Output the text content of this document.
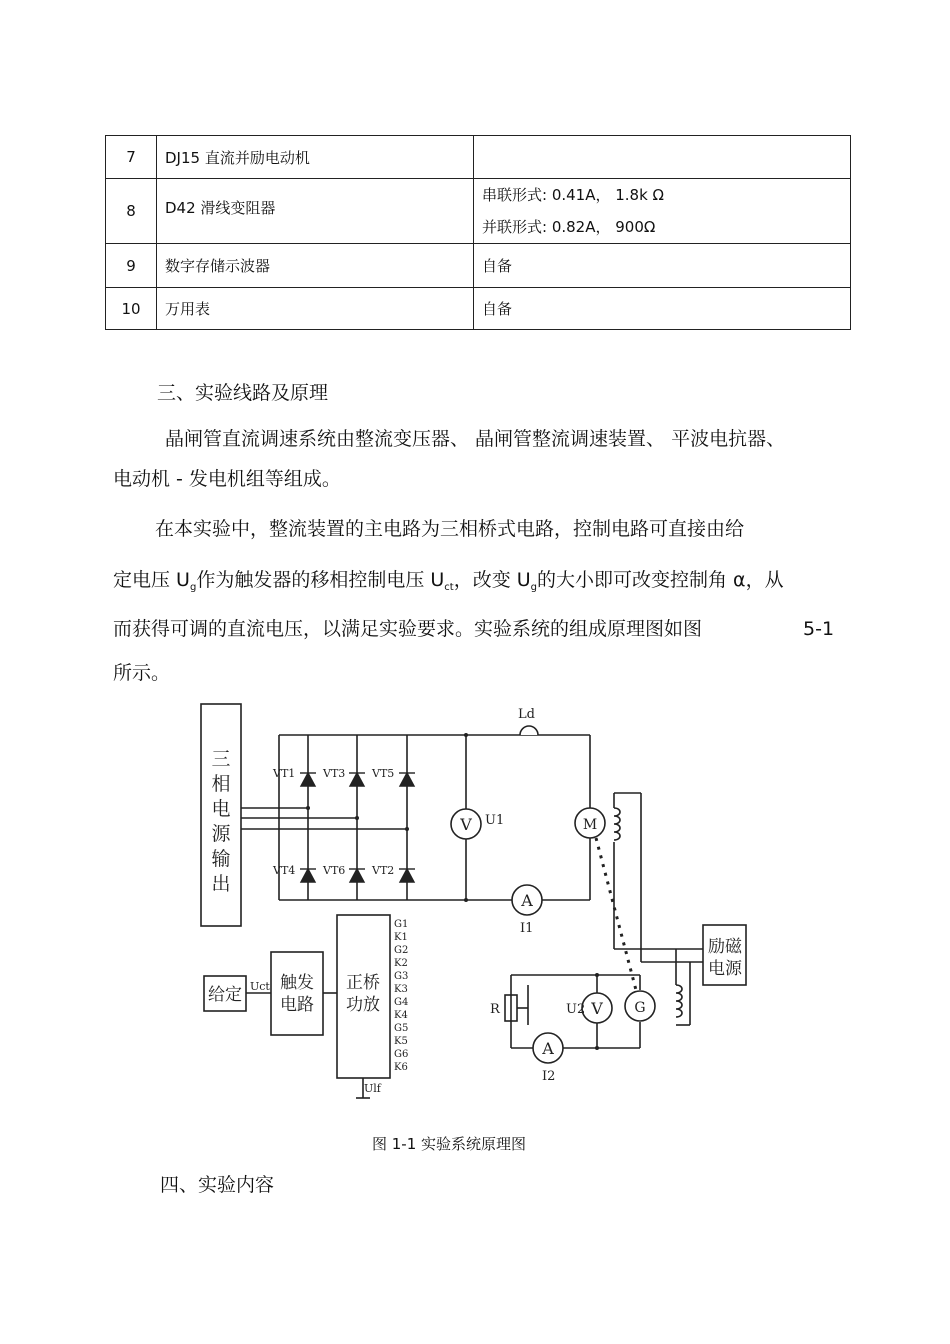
7	DJ15 直流并励电动机	
8	D42 滑线变阻器	串联形式: 0.41A， 1.8k Ω
并联形式: 0.82A， 900Ω

9	数字存储示波器	自备
10	万用表	自备
三、实验线路及原理
晶闸管直流调速系统由整流变压器、 晶闸管整流调速装置、 平波电抗器、
电动机 - 发电机组等组成。
在本实验中，整流装置的主电路为三相桥式电路，控制电路可直接由给
定电压 $U_g$作为触发器的移相控制电压 $U_{ct}$，改变 $U_g$的大小即可改变控制角 α，从
而获得可调的直流电压，以满足实验要求。实验系统的组成原理图如图	5-1
所示。
三
相
电
源
输
出
VT1	VT3 VT5
VT4	VT6 VT2
V
A
V
A
M
G
Ld
U1
I1
R	U2
I2
Ulf
Uct
励磁
电源
给定
触发
电路
正桥
功放
G1
K1
G2
K2
G3
K3
G4
K4
G5
K5
G6
K6
图 1-1 实验系统原理图
四、实验内容
